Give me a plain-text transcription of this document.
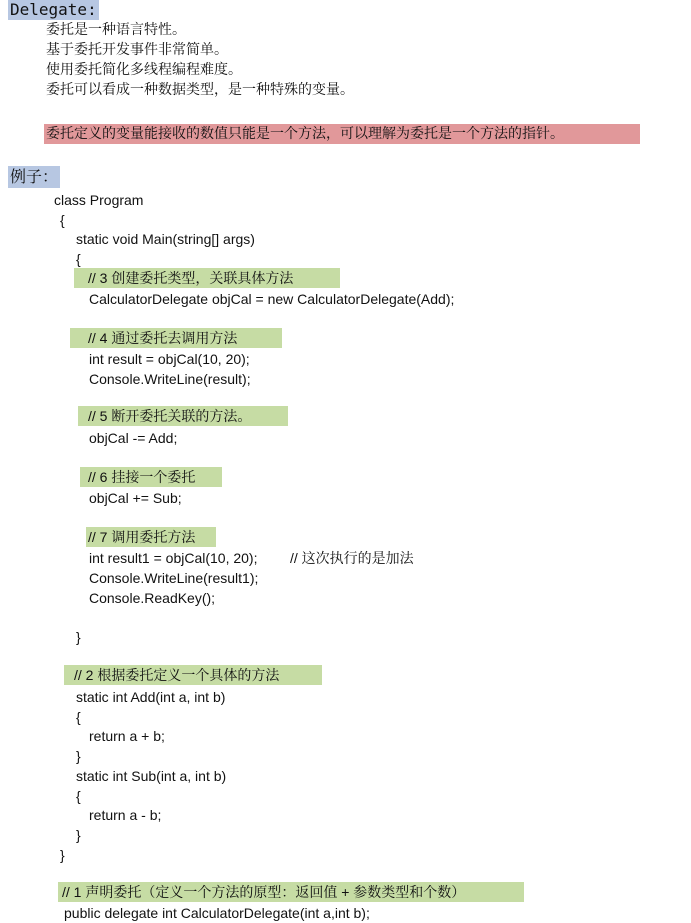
Delegate:
委托是一种语言特性。
基于委托开发事件非常简单。
使用委托简化多线程编程难度。
委托可以看成一种数据类型，是一种特殊的变量。
委托定义的变量能接收的数值只能是一个方法，可以理解为委托是一个方法的指针。
例子：
class Program
{
static void Main(string[] args)
{
// 3 创建委托类型，关联具体方法
CalculatorDelegate objCal = new CalculatorDelegate(Add);
// 4 通过委托去调用方法
int result = objCal(10, 20);
Console.WriteLine(result);
// 5 断开委托关联的方法。
objCal -= Add;
// 6 挂接一个委托
objCal += Sub;
// 7 调用委托方法
int result1 = objCal(10, 20); // 这次执行的是加法
Console.WriteLine(result1);
Console.ReadKey();
}
// 2 根据委托定义一个具体的方法
static int Add(int a, int b)
{
return a + b;
}
static int Sub(int a, int b)
{
return a - b;
}
}
// 1 声明委托（定义一个方法的原型：返回值 + 参数类型和个数）
public delegate int CalculatorDelegate(int a,int b);
